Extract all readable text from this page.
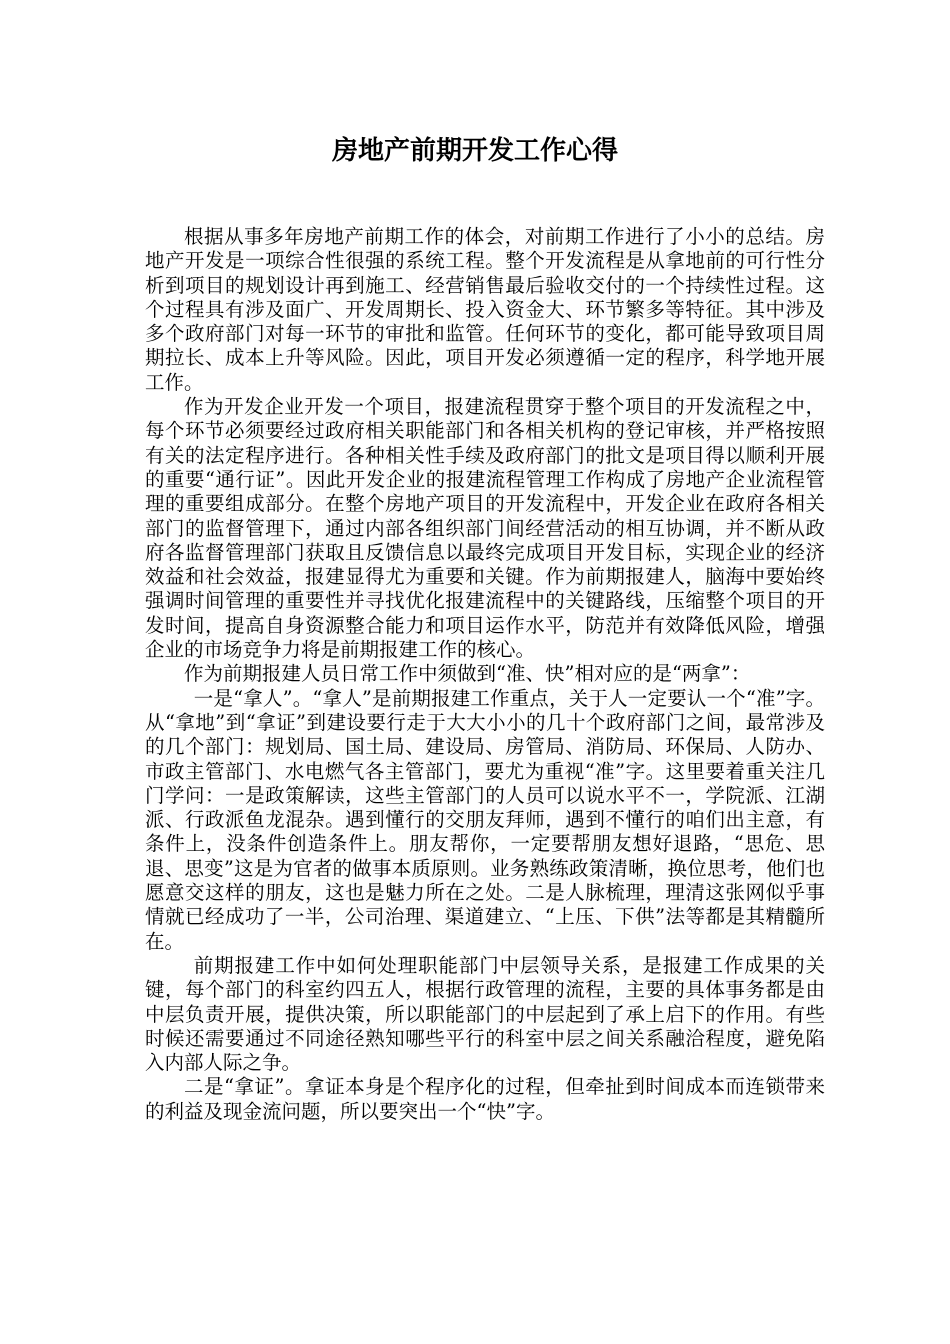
房地产前期开发工作心得

根据从事多年房地产前期工作的体会，对前期工作进行了小小的总结。房地产开发是一项综合性很强的系统工程。整个开发流程是从拿地前的可行性分析到项目的规划设计再到施工、经营销售最后验收交付的一个持续性过程。这个过程具有涉及面广、开发周期长、投入资金大、环节繁多等特征。其中涉及多个政府部门对每一环节的审批和监管。任何环节的变化，都可能导致项目周期拉长、成本上升等风险。因此，项目开发必须遵循一定的程序，科学地开展工作。

作为开发企业开发一个项目，报建流程贯穿于整个项目的开发流程之中，每个环节必须要经过政府相关职能部门和各相关机构的登记审核，并严格按照有关的法定程序进行。各种相关性手续及政府部门的批文是项目得以顺利开展的重要“通行证”。因此开发企业的报建流程管理工作构成了房地产企业流程管理的重要组成部分。在整个房地产项目的开发流程中，开发企业在政府各相关部门的监督管理下，通过内部各组织部门间经营活动的相互协调，并不断从政府各监督管理部门获取且反馈信息以最终完成项目开发目标，实现企业的经济效益和社会效益，报建显得尤为重要和关键。作为前期报建人，脑海中要始终强调时间管理的重要性并寻找优化报建流程中的关键路线，压缩整个项目的开发时间，提高自身资源整合能力和项目运作水平，防范并有效降低风险，增强企业的市场竞争力将是前期报建工作的核心。

作为前期报建人员日常工作中须做到“准、快”相对应的是“两拿”：

一是“拿人”。“拿人”是前期报建工作重点，关于人一定要认一个“准”字。从“拿地”到“拿证”到建设要行走于大大小小的几十个政府部门之间，最常涉及的几个部门：规划局、国土局、建设局、房管局、消防局、环保局、人防办、市政主管部门、水电燃气各主管部门，要尤为重视“准”字。这里要着重关注几门学问：一是政策解读，这些主管部门的人员可以说水平不一，学院派、江湖派、行政派鱼龙混杂。遇到懂行的交朋友拜师，遇到不懂行的咱们出主意，有条件上，没条件创造条件上。朋友帮你，一定要帮朋友想好退路，“思危、思退、思变”这是为官者的做事本质原则。业务熟练政策清晰，换位思考，他们也愿意交这样的朋友，这也是魅力所在之处。二是人脉梳理，理清这张网似乎事情就已经成功了一半，公司治理、渠道建立、“上压、下供”法等都是其精髓所在。

前期报建工作中如何处理职能部门中层领导关系，是报建工作成果的关键，每个部门的科室约四五人，根据行政管理的流程，主要的具体事务都是由中层负责开展，提供决策，所以职能部门的中层起到了承上启下的作用。有些时候还需要通过不同途径熟知哪些平行的科室中层之间关系融洽程度，避免陷入内部人际之争。

二是“拿证”。拿证本身是个程序化的过程，但牵扯到时间成本而连锁带来的利益及现金流问题，所以要突出一个“快”字。
